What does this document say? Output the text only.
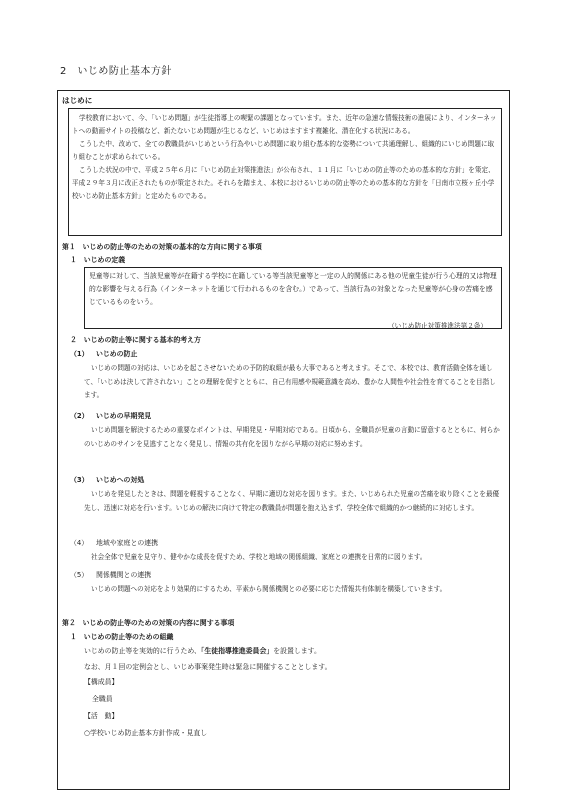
2　いじめ防止基本方針
はじめに

学校教育において、今、「いじめ問題」が生徒指導上の喫緊の課題となっています。また、近年の急速な情報技術の進展により、インターネットへの動画サイトの投稿など、新たないじめ問題が生じるなど、いじめはますます複雑化、潜在化する状況にある。

こうした中、改めて、全ての教職員がいじめという行為やいじめ問題に取り組む基本的な姿勢について共通理解し、組織的にいじめ問題に取り組むことが求められている。

こうした状況の中で、平成２５年６月に「いじめ防止対策推進法」が公布され、１１月に「いじめの防止等のための基本的な方針」を策定、平成２９年３月に改正されたものが策定された。それらを踏まえ、本校におけるいじめの防止等のための基本的な方針を「日南市立桜ヶ丘小学校いじめ防止基本方針」と定めたものである。

第１　いじめの防止等のための対策の基本的な方向に関する事項
１　いじめの定義

児童等に対して、当該児童等が在籍する学校に在籍している等当該児童等と一定の人的関係にある他の児童生徒が行う心理的又は物理的な影響を与える行為（インターネットを通じて行われるものを含む。）であって、当該行為の対象となった児童等が心身の苦痛を感じているものをいう。

（いじめ防止対策推進法第２条）
２　いじめの防止等に関する基本的考え方
（1） いじめの防止

いじめの問題の対応は、いじめを起こさせないための予防的取組が最も大事であると考えます。そこで、本校では、教育活動全体を通して、「いじめは決して許されない」ことの理解を促すとともに、自己有用感や規範意識を高め、豊かな人間性や社会性を育てることを目指します。

（2） いじめの早期発見

いじめ問題を解決するための重要なポイントは、早期発見・早期対応である。日頃から、全職員が児童の言動に留意するとともに、何らかのいじめのサインを見逃すことなく発見し、情報の共有化を図りながら早期の対応に努めます。

（3） いじめへの対処

いじめを発見したときは、問題を軽視することなく、早期に適切な対応を図ります。また、いじめられた児童の苦痛を取り除くことを最優先し、迅速に対応を行います。いじめの解決に向けて特定の教職員が問題を抱え込まず、学校全体で組織的かつ継続的に対応します。

（4） 地域や家庭との連携

社会全体で児童を見守り、健やかな成長を促すため、学校と地域の関係組織、家庭との連携を日常的に図ります。

（5） 関係機関との連携

いじめの問題への対応をより効果的にするため、平素から関係機関との必要に応じた情報共有体制を構築していきます。

第２　いじめの防止等のための対策の内容に関する事項
１　いじめの防止等のための組織
いじめの防止等を実効的に行うため、「生徒指導推進委員会」を設置します。
なお、月１回の定例会とし、いじめ事案発生時は緊急に開催することとします。
【構成員】
全職員
【活　動】
○学校いじめ防止基本方針作成・見直し
